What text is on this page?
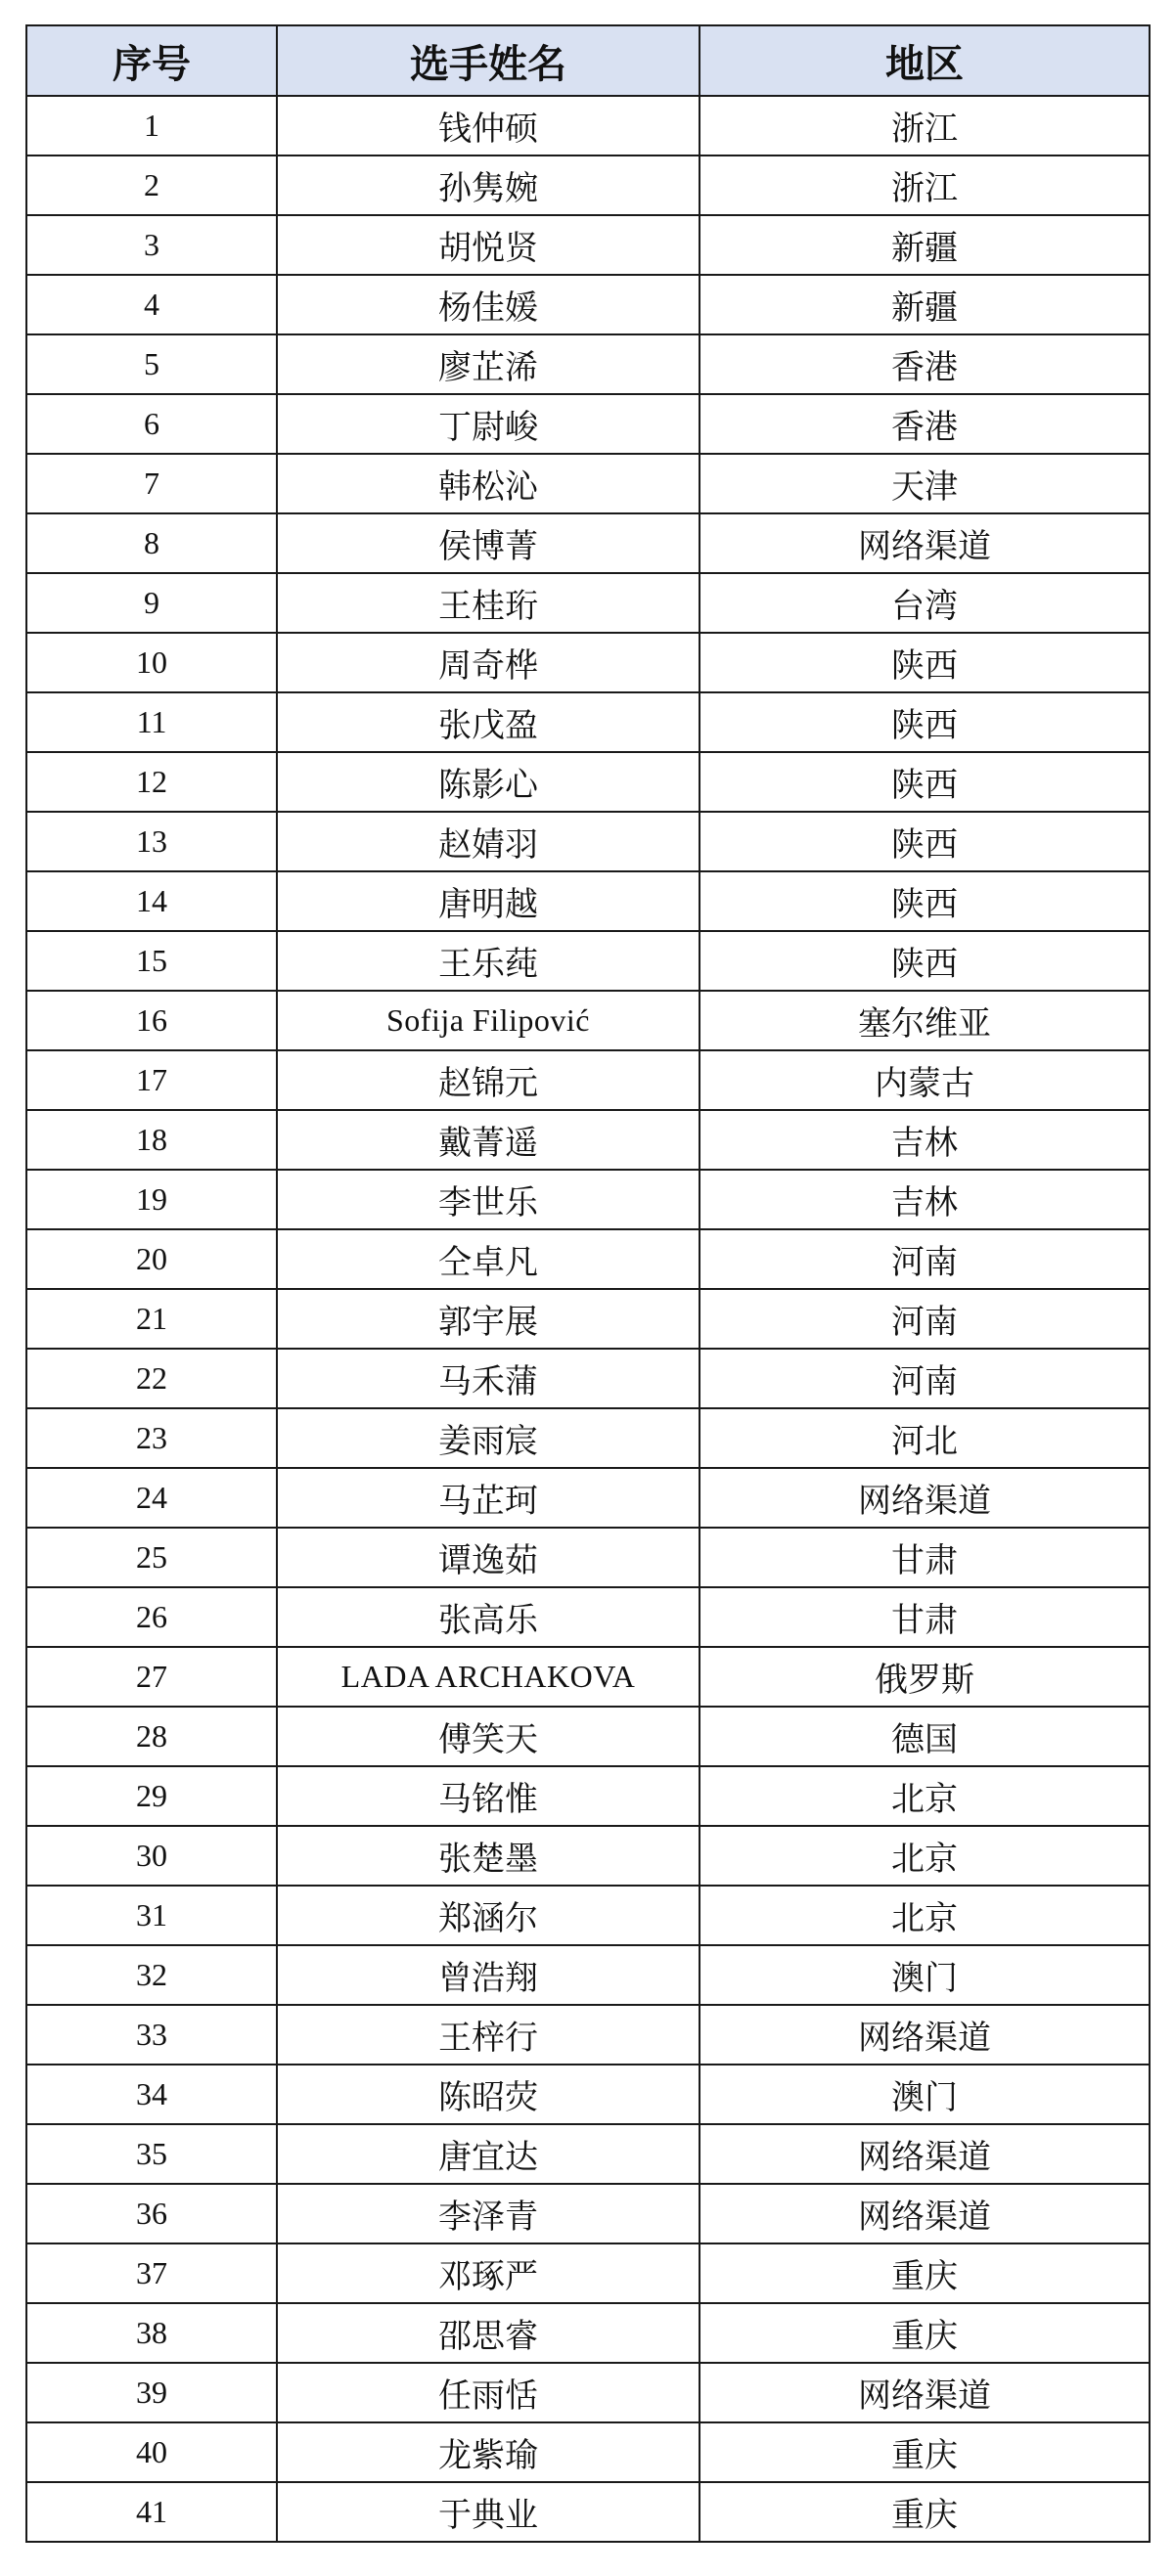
序号	选手姓名	地区
1	钱仲硕	浙江
2	孙隽婉	浙江
3	胡悦贤	新疆
4	杨佳媛	新疆
5	廖芷浠	香港
6	丁尉峻	香港
7	韩松沁	天津
8	侯博菁	网络渠道
9	王桂珩	台湾
10	周奇桦	陕西
11	张戊盈	陕西
12	陈影心	陕西
13	赵婧羽	陕西
14	唐明越	陕西
15	王乐莼	陕西
16	Sofija Filipović	塞尔维亚
17	赵锦元	内蒙古
18	戴菁遥	吉林
19	李世乐	吉林
20	仝卓凡	河南
21	郭宇展	河南
22	马禾蒲	河南
23	姜雨宸	河北
24	马芷珂	网络渠道
25	谭逸茹	甘肃
26	张高乐	甘肃
27	LADA ARCHAKOVA	俄罗斯
28	傅笑天	德国
29	马铭惟	北京
30	张楚墨	北京
31	郑涵尔	北京
32	曾浩翔	澳门
33	王梓行	网络渠道
34	陈昭荧	澳门
35	唐宜达	网络渠道
36	李泽青	网络渠道
37	邓琢严	重庆
38	邵思睿	重庆
39	任雨恬	网络渠道
40	龙紫瑜	重庆
41	于典业	重庆
